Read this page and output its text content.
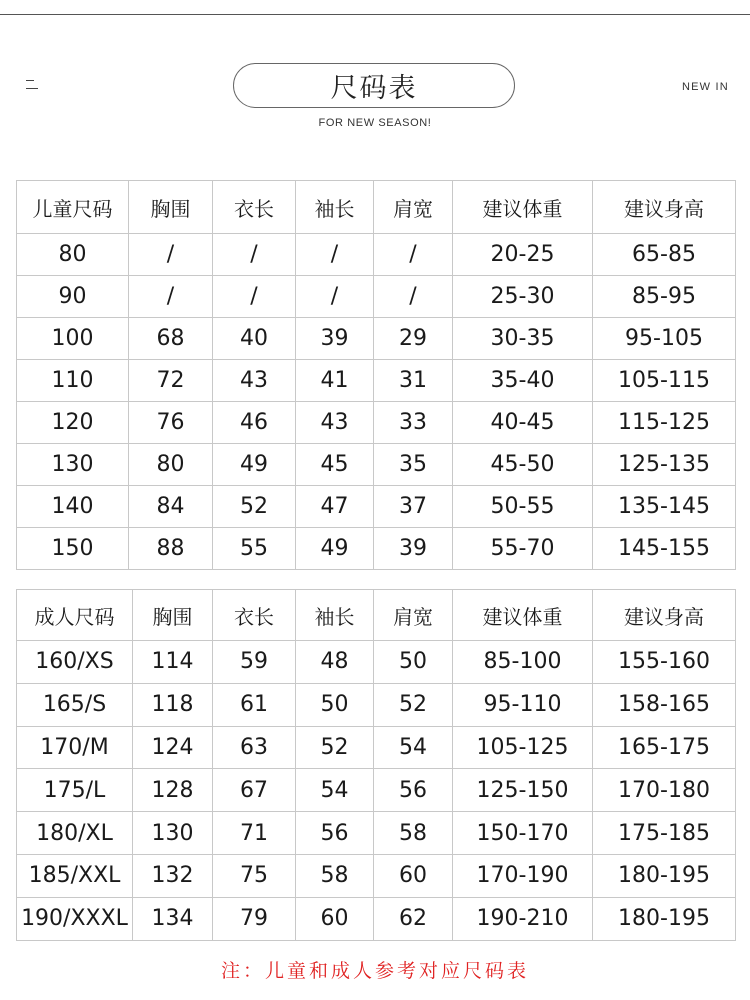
尺码表
FOR NEW SEASON!
NEW IN
儿童尺码	胸围	衣长	袖长	肩宽	建议体重	建议身高
80	/	/	/	/	20-25	65-85
90	/	/	/	/	25-30	85-95
100	68	40	39	29	30-35	95-105
110	72	43	41	31	35-40	105-115
120	76	46	43	33	40-45	115-125
130	80	49	45	35	45-50	125-135
140	84	52	47	37	50-55	135-145
150	88	55	49	39	55-70	145-155
成人尺码	胸围	衣长	袖长	肩宽	建议体重	建议身高
160/XS	114	59	48	50	85-100	155-160
165/S	118	61	50	52	95-110	158-165
170/M	124	63	52	54	105-125	165-175
175/L	128	67	54	56	125-150	170-180
180/XL	130	71	56	58	150-170	175-185
185/XXL	132	75	58	60	170-190	180-195
190/XXXL	134	79	60	62	190-210	180-195
注：儿童和成人参考对应尺码表
